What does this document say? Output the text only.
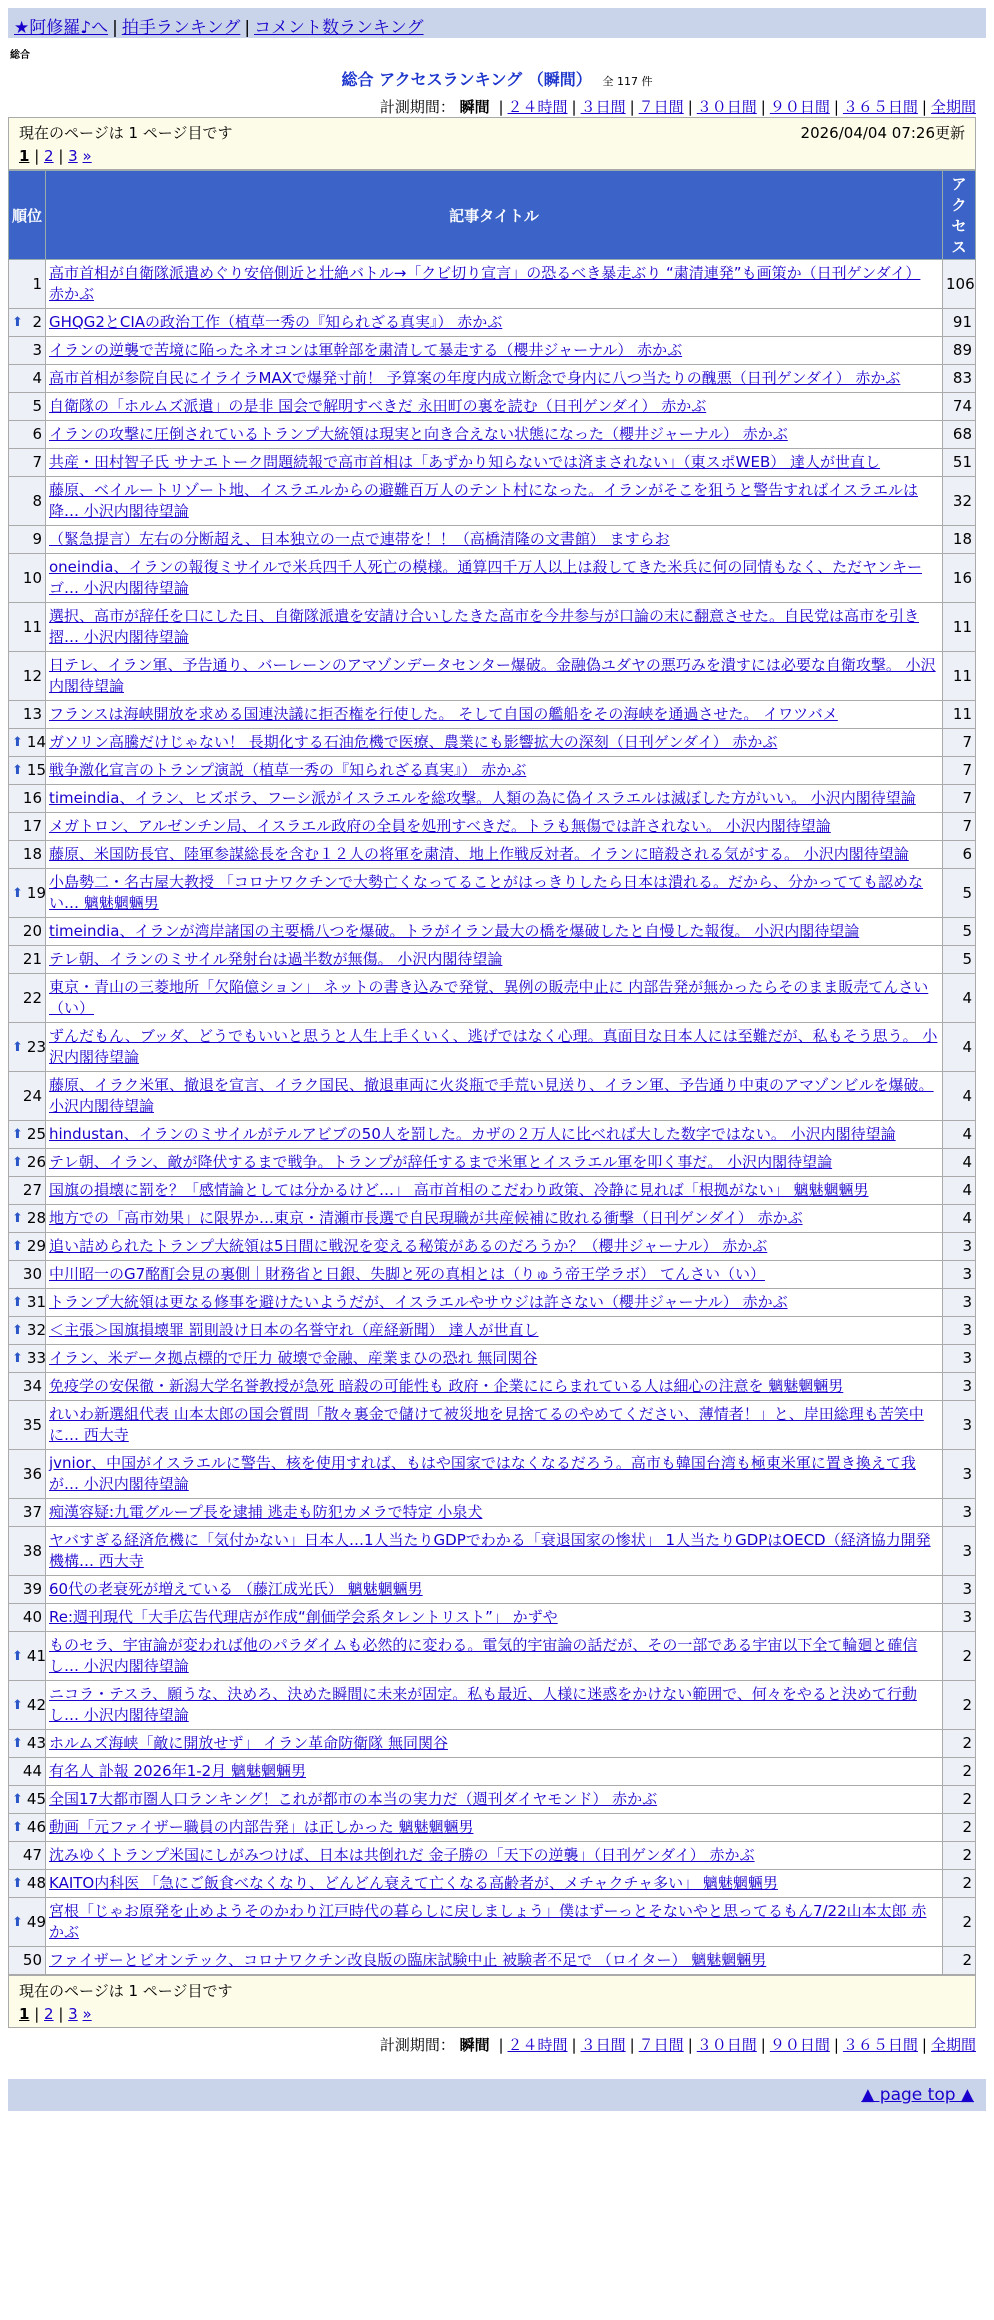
★阿修羅♪へ | 拍手ランキング | コメント数ランキング
総合
総合 アクセスランキング （瞬間） 全 117 件
計測期間： 瞬間 | ２４時間 | ３日間 | ７日間 | ３０日間 | ９０日間 | ３６５日間 | 全期間
現在のページは 1 ページ目です	2026/04/04 07:26更新
1 | 2 | 3 »
順位	記事タイトル	アクセス
1	高市首相が自衛隊派遣めぐり安倍側近と壮絶バトル→「クビ切り宣言」の恐るべき暴走ぶり “粛清連発”も画策か（日刊ゲンダイ） 赤かぶ	106

⬆ 2	GHQG2とCIAの政治工作（植草一秀の『知られざる真実』） 赤かぶ	91
3	イランの逆襲で苦境に陥ったネオコンは軍幹部を粛清して暴走する（櫻井ジャーナル） 赤かぶ	89
4	高市首相が参院自民にイライラMAXで爆発寸前！ 予算案の年度内成立断念で身内に八つ当たりの醜悪（日刊ゲンダイ） 赤かぶ	83
5	自衛隊の「ホルムズ派遣」の是非 国会で解明すべきだ 永田町の裏を読む（日刊ゲンダイ） 赤かぶ	74
6	イランの攻撃に圧倒されているトランプ大統領は現実と向き合えない状態になった（櫻井ジャーナル） 赤かぶ	68
7	共産・田村智子氏 サナエトーク問題続報で高市首相は「あずかり知らないでは済まされない」（東スポWEB） 達人が世直し	51
8	藤原、ベイルートリゾート地、イスラエルからの避難百万人のテント村になった。イランがそこを狙うと警告すればイスラエルは降… 小沢内閣待望論	32
9	（緊急提言）左右の分断超え、日本独立の一点で連帯を！！（高橋清隆の文書館） ますらお	18
10	oneindia、イランの報復ミサイルで米兵四千人死亡の模様。通算四千万人以上は殺してきた米兵に何の同情もなく、ただヤンキーゴ… 小沢内閣待望論	16
11	選択、高市が辞任を口にした日、自衛隊派遣を安請け合いしたきた高市を今井参与が口論の末に翻意させた。自民党は高市を引き摺… 小沢内閣待望論	11
12	日テレ、イラン軍、予告通り、バーレーンのアマゾンデータセンター爆破。金融偽ユダヤの悪巧みを潰すには必要な自衛攻撃。 小沢内閣待望論	11
13	フランスは海峡開放を求める国連決議に拒否権を行使した。 そして自国の艦船をその海峡を通過させた。 イワツバメ	11

⬆ 14	ガソリン高騰だけじゃない！ 長期化する石油危機で医療、農業にも影響拡大の深刻（日刊ゲンダイ） 赤かぶ	7

⬆ 15	戦争激化宣言のトランプ演説（植草一秀の『知られざる真実』） 赤かぶ	7
16	timeindia、イラン、ヒズボラ、フーシ派がイスラエルを総攻撃。人類の為に偽イスラエルは滅ぼした方がいい。 小沢内閣待望論	7
17	メガトロン、アルゼンチン局、イスラエル政府の全員を処刑すべきだ。トラも無傷では許されない。 小沢内閣待望論	7
18	藤原、米国防長官、陸軍参謀総長を含む１２人の将軍を粛清、地上作戦反対者。イランに暗殺される気がする。 小沢内閣待望論	6

⬆ 19	小島勢二・名古屋大教授 「コロナワクチンで大勢亡くなってることがはっきりしたら日本は潰れる。だから、分かってても認めない… 魑魅魍魎男	5
20	timeindia、イランが湾岸諸国の主要橋八つを爆破。トラがイラン最大の橋を爆破したと自慢した報復。 小沢内閣待望論	5
21	テレ朝、イランのミサイル発射台は過半数が無傷。 小沢内閣待望論	5
22	東京・青山の三菱地所「欠陥億ション」 ネットの書き込みで発覚、異例の販売中止に 内部告発が無かったらそのまま販売てんさい（い）	4

⬆ 23	ずんだもん、ブッダ、どうでもいいと思うと人生上手くいく、逃げではなく心理。真面目な日本人には至難だが、私もそう思う。 小沢内閣待望論	4
24	藤原、イラク米軍、撤退を宣言、イラク国民、撤退車両に火炎瓶で手荒い見送り、イラン軍、予告通り中東のアマゾンビルを爆破。 小沢内閣待望論	4

⬆ 25	hindustan、イランのミサイルがテルアビブの50人を罰した。カザの２万人に比べれば大した数字ではない。 小沢内閣待望論	4

⬆ 26	テレ朝、イラン、敵が降伏するまで戦争。トランプが辞任するまで米軍とイスラエル軍を叩く事だ。 小沢内閣待望論	4
27	国旗の損壊に罰を？「感情論としては分かるけど…」 高市首相のこだわり政策、冷静に見れば「根拠がない」 魑魅魍魎男	4

⬆ 28	地方での「高市効果」に限界か…東京・清瀬市長選で自民現職が共産候補に敗れる衝撃（日刊ゲンダイ） 赤かぶ	4

⬆ 29	追い詰められたトランプ大統領は5日間に戦況を変える秘策があるのだろうか？（櫻井ジャーナル） 赤かぶ	3
30	中川昭一のG7酩酊会見の裏側｜財務省と日銀、失脚と死の真相とは（りゅう帝王学ラボ） てんさい（い）	3

⬆ 31	トランプ大統領は更なる修事を避けたいようだが、イスラエルやサウジは許さない（櫻井ジャーナル） 赤かぶ	3

⬆ 32	＜主張＞国旗損壊罪 罰則設け日本の名誉守れ（産経新聞） 達人が世直し	3

⬆ 33	イラン、米データ拠点標的で圧力 破壊で金融、産業まひの恐れ 無同関谷	3
34	免疫学の安保徹・新潟大学名誉教授が急死 暗殺の可能性も 政府・企業ににらまれている人は細心の注意を 魑魅魍魎男	3
35	れいわ新選組代表 山本太郎の国会質問「散々裏金で儲けて被災地を見捨てるのやめてください、薄情者！」と、岸田総理も苦笑中に… 西大寺	3
36	jvnior、中国がイスラエルに警告、核を使用すれば、もはや国家ではなくなるだろう。高市も韓国台湾も極東米軍に置き換えて我が… 小沢内閣待望論	3
37	痴漢容疑:九電グループ長を逮捕 逃走も防犯カメラで特定 小泉犬	3
38	ヤバすぎる経済危機に「気付かない」日本人…1人当たりGDPでわかる「衰退国家の惨状」 1人当たりGDPはOECD（経済協力開発機構… 西大寺	3
39	60代の老衰死が増えている （藤江成光氏） 魑魅魍魎男	3
40	Re:週刊現代「大手広告代理店が作成“創価学会系タレントリスト”」 かずや	3

⬆ 41	ものセラ、宇宙論が変われば他のパラダイムも必然的に変わる。電気的宇宙論の話だが、その一部である宇宙以下全て輪廻と確信し… 小沢内閣待望論	2

⬆ 42	ニコラ・テスラ、願うな、決めろ、決めた瞬間に未来が固定。私も最近、人様に迷惑をかけない範囲で、何々をやると決めて行動し… 小沢内閣待望論	2

⬆ 43	ホルムズ海峡「敵に開放せず」 イラン革命防衛隊 無同関谷	2
44	有名人 訃報 2026年1-2月 魑魅魍魎男	2

⬆ 45	全国17大都市圏人口ランキング！これが都市の本当の実力だ（週刊ダイヤモンド） 赤かぶ	2

⬆ 46	動画「元ファイザー職員の内部告発」は正しかった 魑魅魍魎男	2
47	沈みゆくトランプ米国にしがみつけば、日本は共倒れだ 金子勝の「天下の逆襲」（日刊ゲンダイ） 赤かぶ	2

⬆ 48	KAITO内科医 「急にご飯食べなくなり、どんどん衰えて亡くなる高齢者が、メチャクチャ多い」 魑魅魍魎男	2

⬆ 49	宮根「じゃお原発を止めようそのかわり江戸時代の暮らしに戻しましょう」僕はずーっとそないやと思ってるもん7/22山本太郎 赤かぶ	2
50	ファイザーとビオンテック、コロナワクチン改良版の臨床試験中止 被験者不足で （ロイター） 魑魅魍魎男	2
現在のページは 1 ページ目です
1 | 2 | 3 »
計測期間： 瞬間 | ２４時間 | ３日間 | ７日間 | ３０日間 | ９０日間 | ３６５日間 | 全期間
▲ page top ▲
